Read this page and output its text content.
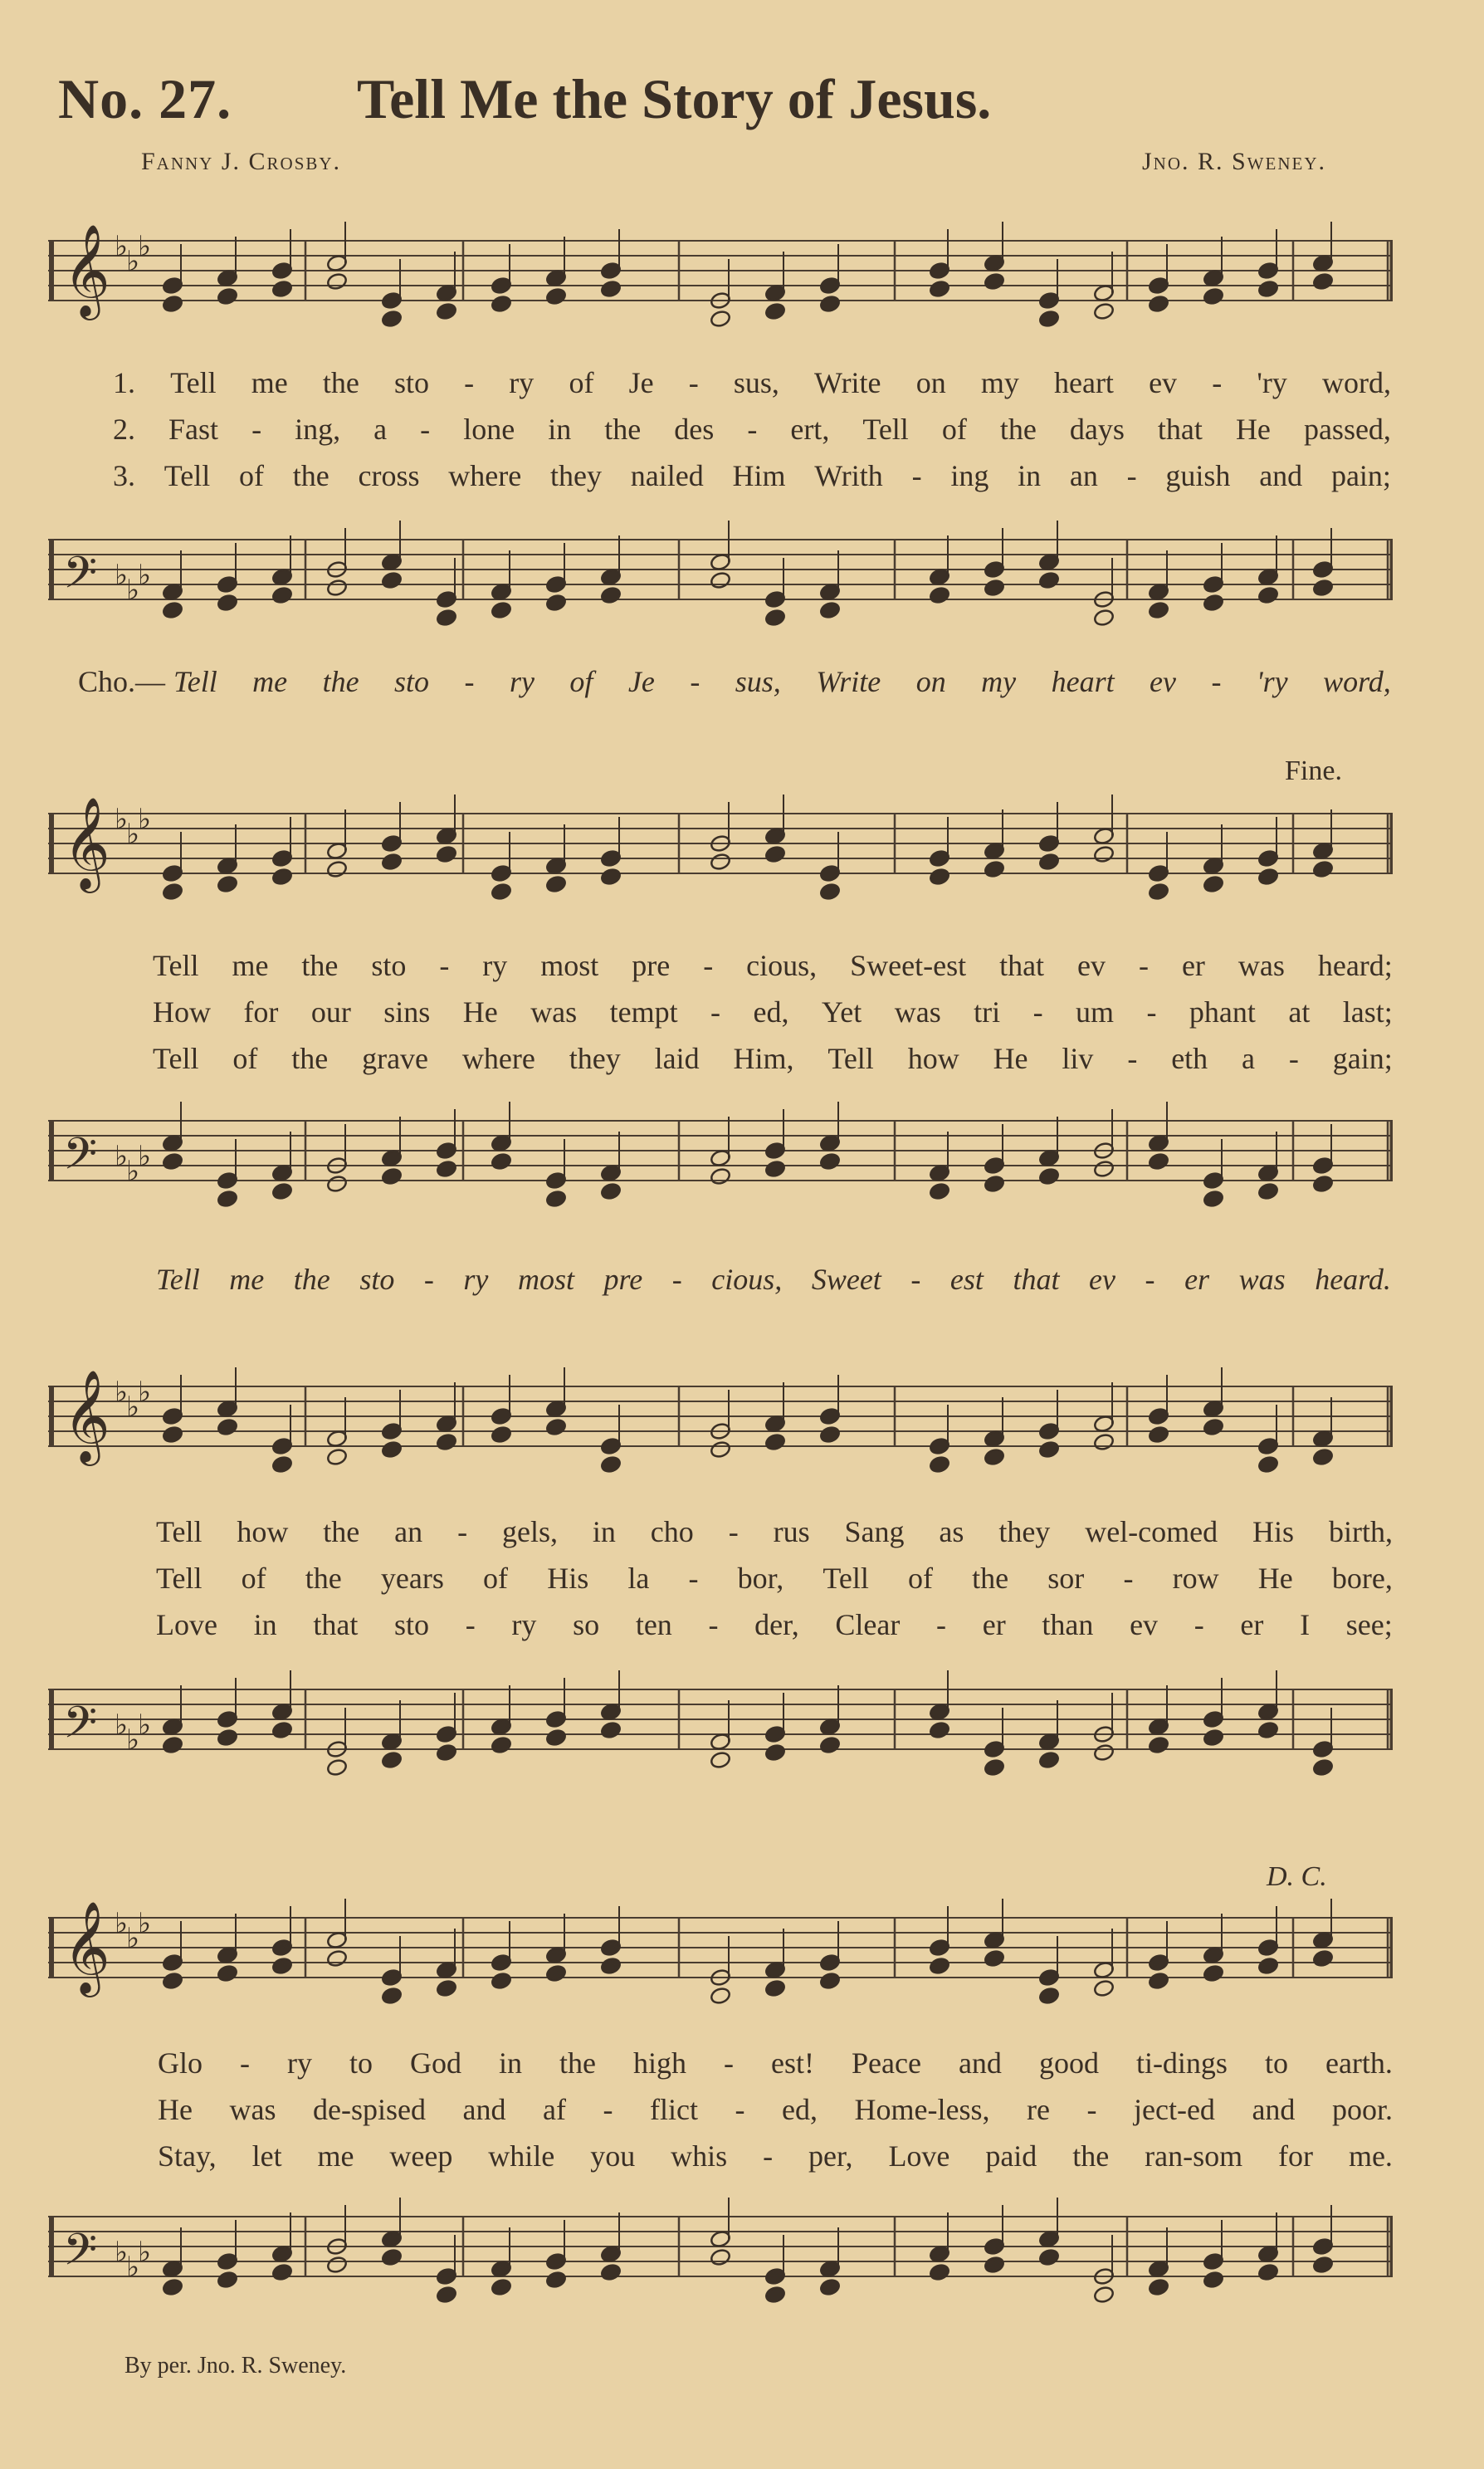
No. 27. Tell Me the Story of Jesus.
Fanny J. Crosby.	Jno. R. Sweney.
𝄞 ♭
♭
♭
1. Tell me the sto - ry of Je - sus, Write on my heart ev - 'ry word,
2. Fast - ing, a - lone in the des - ert, Tell of the days that He passed,
3. Tell of the cross where they nailed Him Writh - ing in an - guish and pain;
𝄢 ♭
♭
♭
Cho.— Tell me the sto - ry of Je - sus, Write on my heart ev - 'ry word,
Fine.
𝄞 ♭
♭
♭
Tell me the sto - ry most pre - cious, Sweet-est that ev - er was heard;
How for our sins He was tempt - ed, Yet was tri - um - phant at last;
Tell of the grave where they laid Him, Tell how He liv - eth a - gain;
𝄢 ♭
♭
♭
Tell me the sto - ry most pre - cious, Sweet - est that ev - er was heard.
𝄞 ♭
♭
♭
Tell how the an - gels, in cho - rus Sang as they wel-comed His birth,
Tell of the years of His la - bor, Tell of the sor - row He bore,
Love in that sto - ry so ten - der, Clear - er than ev - er I see;
𝄢 ♭
♭
♭
D. C.
𝄞 ♭
♭
♭
Glo - ry to God in the high - est! Peace and good ti-dings to earth.
He was de-spised and af - flict - ed, Home-less, re - ject-ed and poor.
Stay, let me weep while you whis - per, Love paid the ran-som for me.
𝄢 ♭
♭
♭
By per. Jno. R. Sweney.
